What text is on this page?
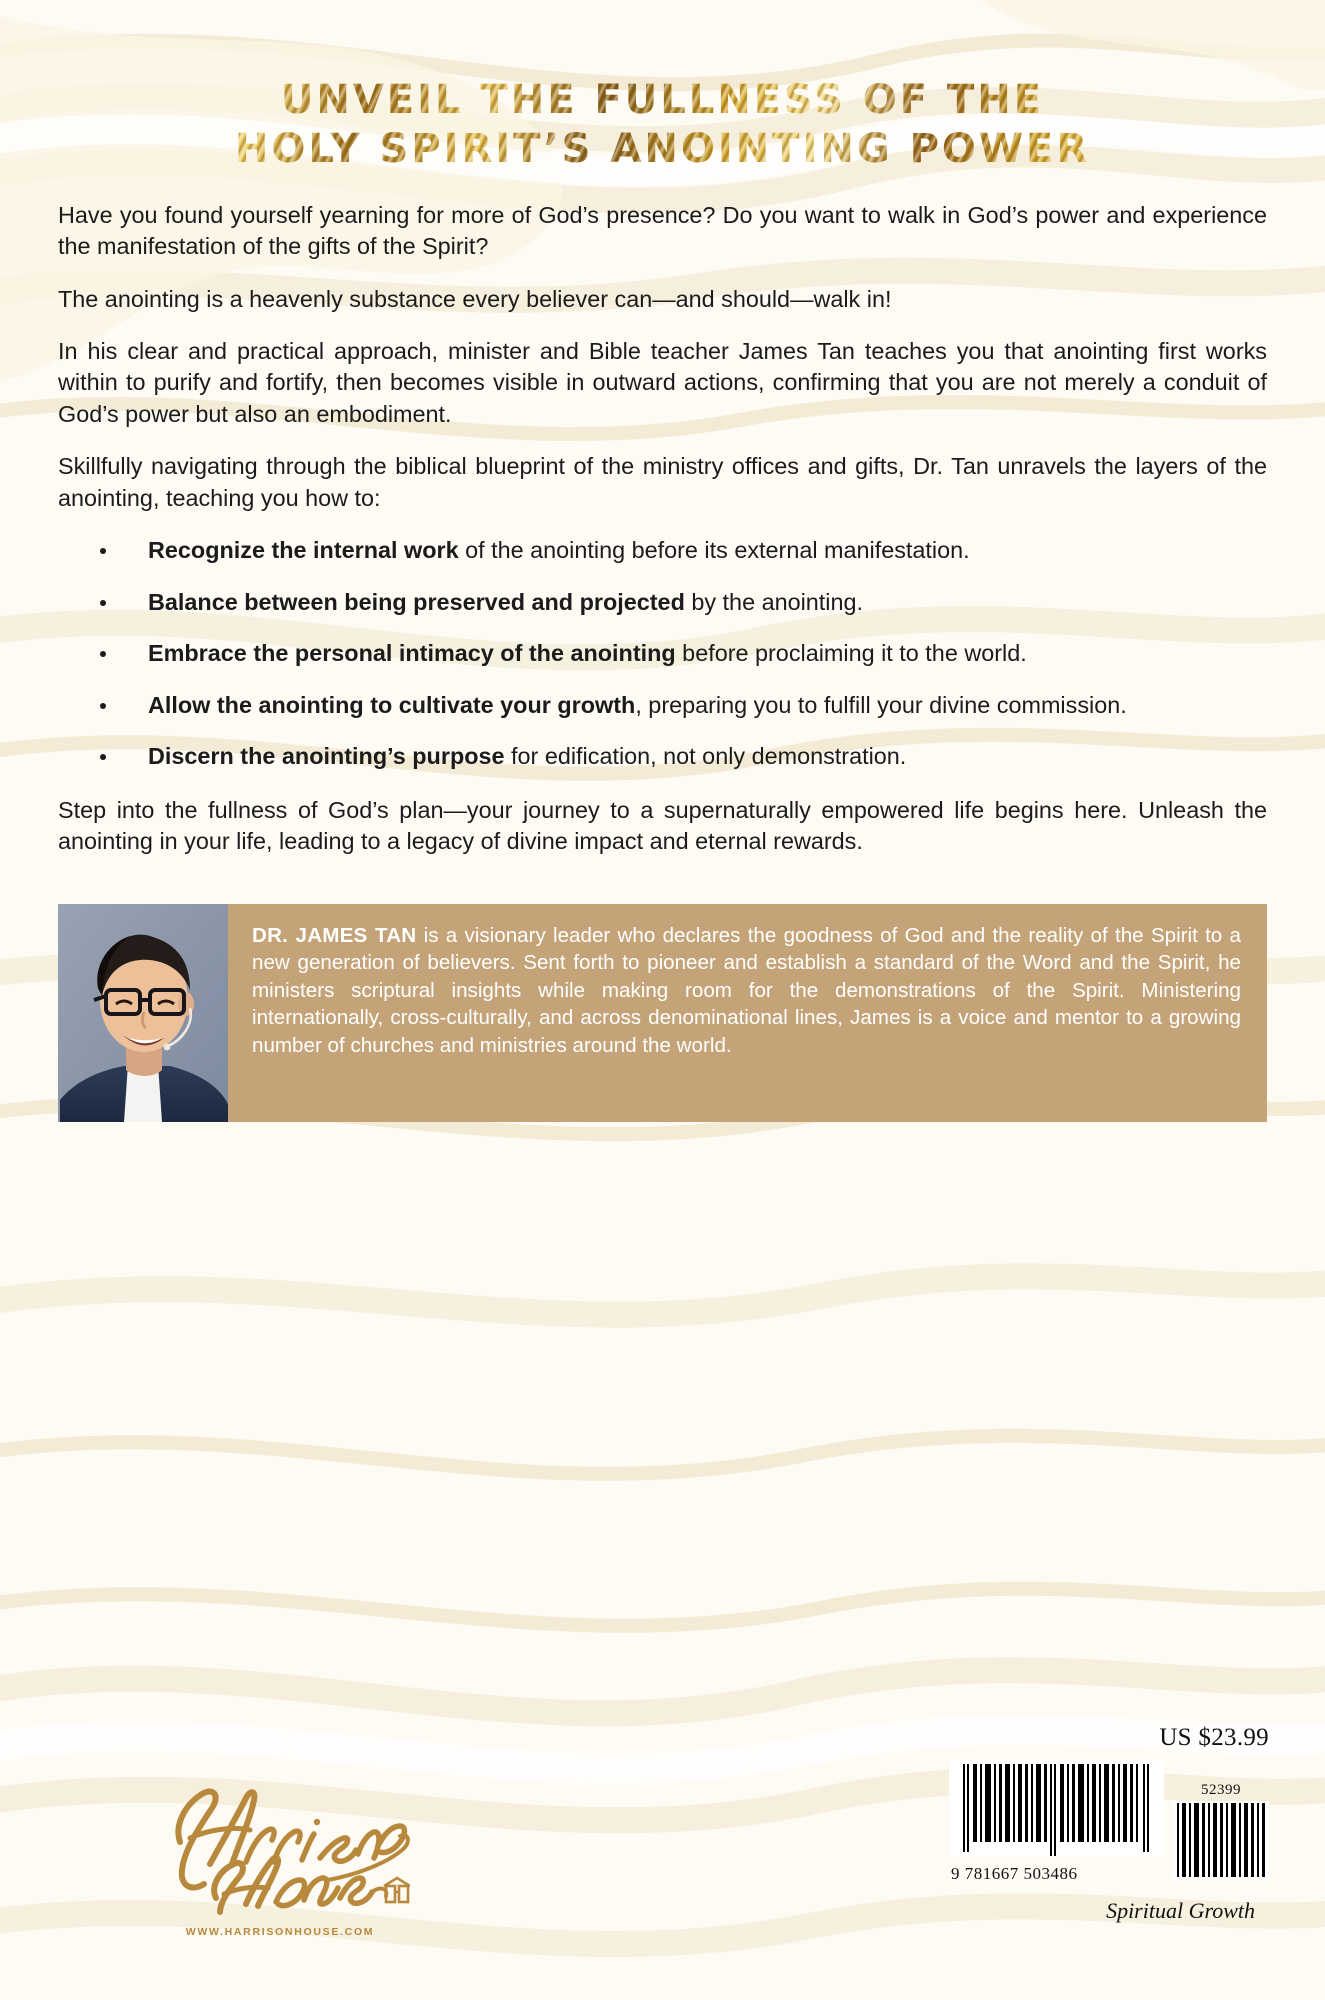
UNVEIL THE FULLNESS OF THE
HOLY SPIRIT’S ANOINTING POWER

Have you found yourself yearning for more of God’s presence? Do you want to walk in God’s power and experience the manifestation of the gifts of the Spirit?

The anointing is a heavenly substance every believer can—and should—walk in!

In his clear and practical approach, minister and Bible teacher James Tan teaches you that anointing first works within to purify and fortify, then becomes visible in outward actions, confirming that you are not merely a conduit of God’s power but also an embodiment.

Skillfully navigating through the biblical blueprint of the ministry offices and gifts, Dr. Tan unravels the layers of the anointing, teaching you how to:

Recognize the internal work of the anointing before its external manifestation.
Balance between being preserved and projected by the anointing.
Embrace the personal intimacy of the anointing before proclaiming it to the world.
Allow the anointing to cultivate your growth, preparing you to fulfill your divine commission.
Discern the anointing’s purpose for edification, not only demonstration.

Step into the fullness of God’s plan—your journey to a supernaturally empowered life begins here. Unleash the anointing in your life, leading to a legacy of divine impact and eternal rewards.

DR. JAMES TAN is a visionary leader who declares the goodness of God and the reality of the Spirit to a new generation of believers. Sent forth to pioneer and establish a standard of the Word and the Spirit, he ministers scriptural insights while making room for the demonstrations of the Spirit. Ministering internationally, cross-culturally, and across denominational lines, James is a voice and mentor to a growing number of churches and ministries around the world.
WWW.HARRISONHOUSE.COM
US $23.99
9 781667 503486
52399
Spiritual Growth
